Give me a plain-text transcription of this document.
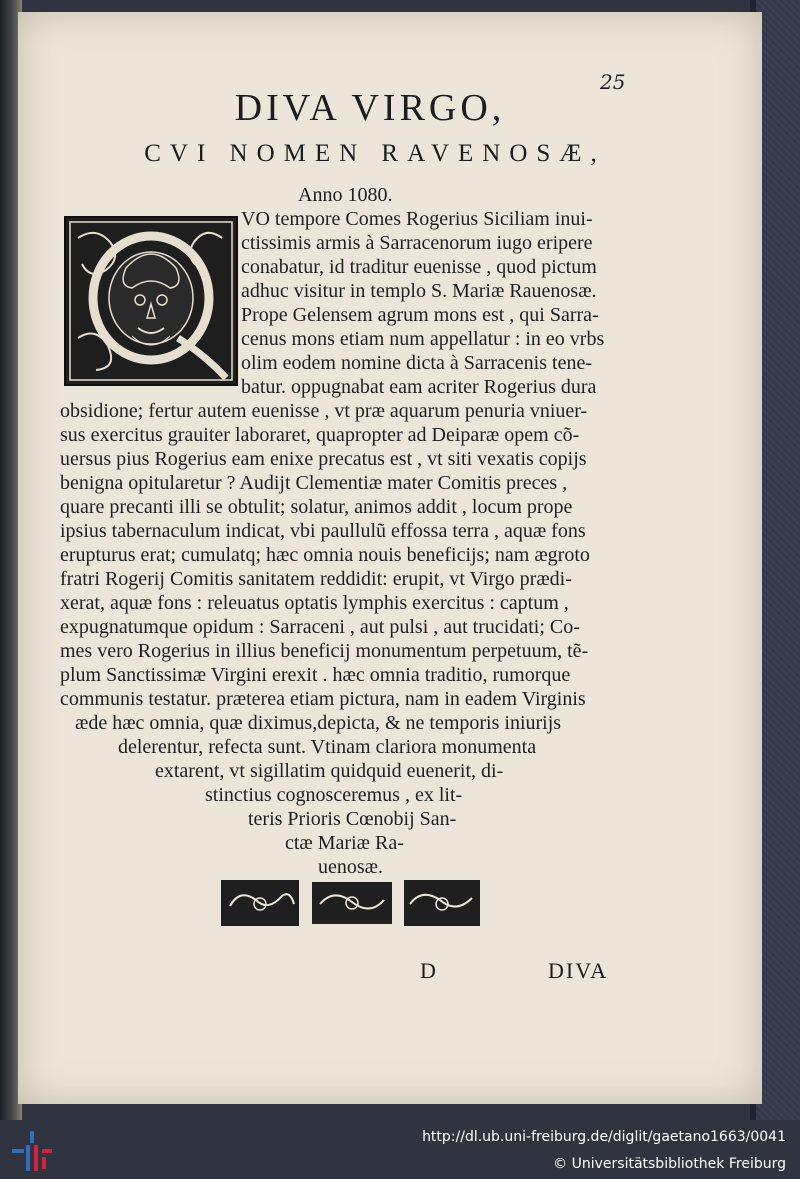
25
DIVA VIRGO,
CVI NOMEN RAVENOSÆ,
Anno 1080.
VO tempore Comes Rogerius Siciliam inui-
ctissimis armis à Sarracenorum iugo eripere
conabatur, id traditur euenisse , quod pictum
adhuc visitur in templo S. Mariæ Rauenosæ.
Prope Gelensem agrum mons est , qui Sarra-
cenus mons etiam num appellatur : in eo vrbs
olim eodem nomine dicta à Sarracenis tene-
batur. oppugnabat eam acriter Rogerius dura
obsidione; fertur autem euenisse , vt præ aquarum penuria vniuer-
sus exercitus grauiter laboraret, quapropter ad Deiparæ opem cõ-
uersus pius Rogerius eam enixe precatus est , vt siti vexatis copijs
benigna opitularetur ? Audijt Clementiæ mater Comitis preces ,
quare precanti illi se obtulit; solatur, animos addit , locum prope
ipsius tabernaculum indicat, vbi paullulũ effossa terra , aquæ fons
erupturus erat; cumulatq; hæc omnia nouis beneficijs; nam ægroto
fratri Rogerij Comitis sanitatem reddidit: erupit, vt Virgo prædi-
xerat, aquæ fons : releuatus optatis lymphis exercitus : captum ,
expugnatumque opidum : Sarraceni , aut pulsi , aut trucidati; Co-
mes vero Rogerius in illius beneficij monumentum perpetuum, tẽ-
plum Sanctissimæ Virgini erexit . hæc omnia traditio, rumorque
communis testatur. præterea etiam pictura, nam in eadem Virginis
æde hæc omnia, quæ diximus,depicta, & ne temporis iniurijs
delerentur, refecta sunt. Vtinam clariora monumenta
extarent, vt sigillatim quidquid euenerit, di-
stinctius cognosceremus , ex lit-
teris Prioris Cœnobij San-
ctæ Mariæ Ra-
uenosæ.
D	DIVA
http://dl.ub.uni-freiburg.de/diglit/gaetano1663/0041
© Universitätsbibliothek Freiburg
